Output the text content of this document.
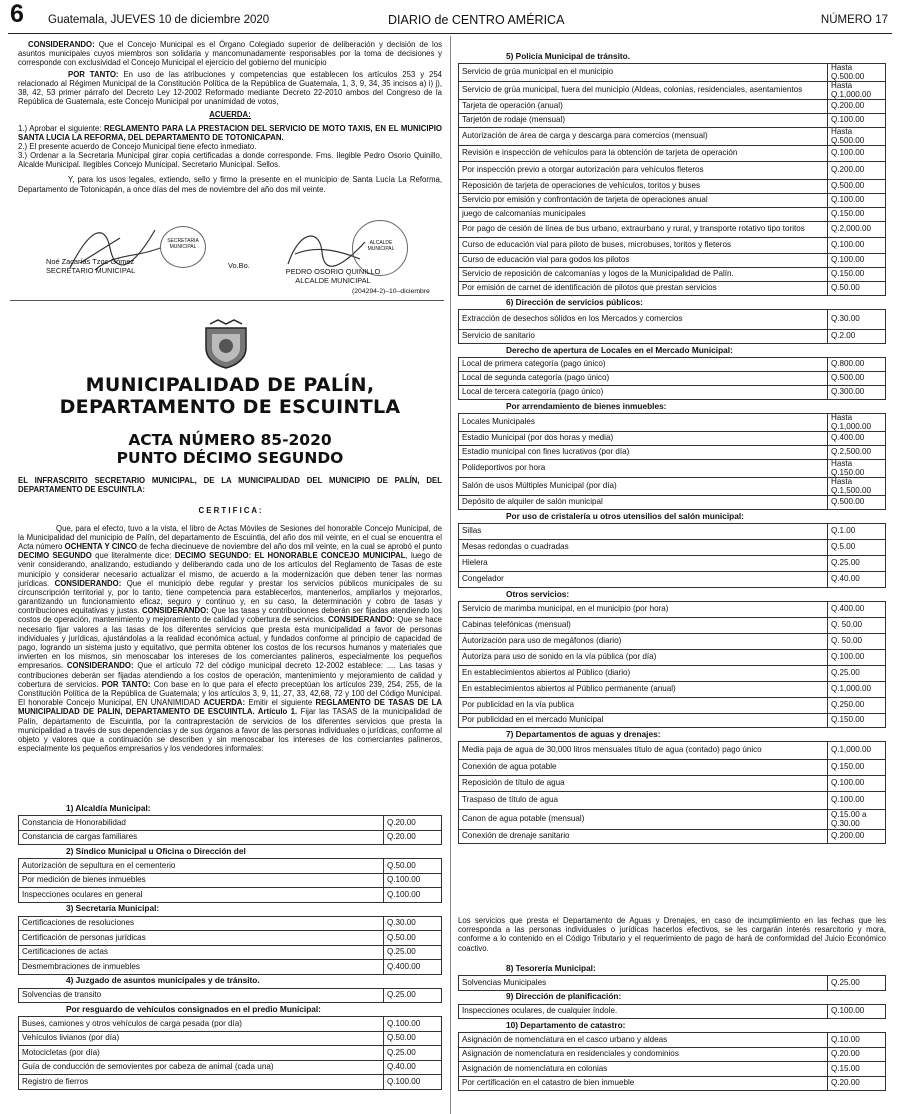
6 Guatemala, JUEVES 10 de diciembre 2020	DIARIO de CENTRO AMÉRICA	NÚMERO 17

CONSIDERANDO: Que el Concejo Municipal es el Órgano Colegiado superior de deliberación y decisión de los asuntos municipales cuyos miembros son solidaria y mancomunadamente responsables por la toma de decisiones y corresponde con exclusividad el Concejo Municipal el ejercicio del gobierno del municipio

POR TANTO: En uso de las atribuciones y competencias que establecen los artículos 253 y 254 relacionado al Régimen Municipal de la Constitución Política de la República de Guatemala, 1, 3, 9, 34, 35 incisos a) i) j), 38, 42, 53 primer párrafo del Decreto Ley 12-2002 Reformado mediante Decreto 22-2010 ambos del Congreso de la República de Guatemala, este Concejo Municipal por unanimidad de votos,

ACUERDA:

1.) Aprobar el siguiente: REGLAMENTO PARA LA PRESTACION DEL SERVICIO DE MOTO TAXIS, EN EL MUNICIPIO SANTA LUCIA LA REFORMA, DEL DEPARTAMENTO DE TOTONICAPAN.

2.) El presente acuerdo de Concejo Municipal tiene efecto inmediato.

3.) Ordenar a la Secretaria Municipal girar copia certificadas a donde corresponde. Fms. Ilegible Pedro Osorio Quinillo, Alcalde Municipal. Ilegibles Concejo Municipal. Secretario Municipal. Sellos.

Y, para los usos legales, extiendo, sello y firmo la presente en el municipio de Santa Lucía La Reforma, Departamento de Totonicapán, a once días del mes de noviembre del año dos mil veinte.

SECRETARIA MUNICIPAL
Noé Zacarías Tzoc Gómez
SECRETARIO MUNICIPAL
Vo.Bo.
ALCALDE MUNICIPAL
PEDRO OSORIO QUINILLO
ALCALDE MUNICIPAL
(204294-2)–10–diciembre
MUNICIPALIDAD DE PALÍN,
DEPARTAMENTO DE ESCUINTLA
ACTA NÚMERO 85-2020
PUNTO DÉCIMO SEGUNDO

EL INFRASCRITO SECRETARIO MUNICIPAL, DE LA MUNICIPALIDAD DEL MUNICIPIO DE PALÍN, DEL DEPARTAMENTO DE ESCUINTLA:

C E R T I F I C A :

Que, para el efecto, tuvo a la vista, el libro de Actas Móviles de Sesiones del honorable Concejo Municipal, de la Municipalidad del municipio de Palín, del departamento de Escuintla, del año dos mil veinte, en el cual se encuentra el Acta número OCHENTA Y CINCO de fecha diecinueve de noviembre del año dos mil veinte, en la cual se aprobó el punto DECIMO SEGUNDO que literalmente dice: DECIMO SEGUNDO: EL HONORABLE CONCEJO MUNICIPAL, luego de venir considerando, analizando, estudiando y deliberando cada uno de los artículos del Reglamento de Tasas de este municipio y considerar necesario actualizar el mismo, de acuerdo a la modernización que deben tener las normas jurídicas. CONSIDERANDO: Que el municipio debe regular y prestar los servicios públicos municipales de su circunscripción territorial y, por lo tanto, tiene competencia para establecerlos, mantenerlos, ampliarlos y mejorarlos, garantizando un funcionamiento eficaz, seguro y continuo y, en su caso, la determinación y cobro de tasas y contribuciones equitativas y justas. CONSIDERANDO: Que las tasas y contribuciones deberán ser fijadas atendiendo los costos de operación, mantenimiento y mejoramiento de calidad y cobertura de servicios. CONSIDERANDO: Que se hace necesario fijar valores a las tasas de los diferentes servicios que presta esta municipalidad a favor de personas individuales y jurídicas, ajustándolas a la realidad económica actual, y fundados conforme al principio de capacidad de pago, logrando un sistema justo y equitativo, que permita obtener los costos de los recursos humanos y materiales que invierten en los mismos, sin menoscabar los intereses de los comerciantes palineros, especialmente los pequeños empresarios. CONSIDERANDO: Que el artículo 72 del código municipal decreto 12-2002 establece: .... Las tasas y contribuciones deberán ser fijadas atendiendo a los costos de operación, mantenimiento y mejoramiento de calidad y cobertura de servicios. POR TANTO: Con base en lo que para el efecto preceptúan los artículos 239, 254, 255, de la Constitución Política de la República de Guatemala; y los artículos 3, 9, 11, 27, 33, 42,68, 72 y 100 del Código Municipal. El honorable Concejo Municipal, EN UNANIMIDAD ACUERDA: Emitir el siguiente REGLAMENTO DE TASAS DE LA MUNICIPALIDAD DE PALIN, DEPARTAMENTO DE ESCUINTLA. Artículo 1. Fijar las TASAS de la municipalidad de Palín, departamento de Escuintla, por la contraprestación de servicios de los diferentes servicios que presta la municipalidad a través de sus dependencias y de sus órganos a favor de las personas individuales o jurídicas, conforme al objeto y valores que a continuación se describen y sin menoscabar los intereses de los comerciantes palineros, especialmente los pequeños empresarios y los vendedores informales:

1) Alcaldía Municipal:
Constancia de Honorabilidad	Q.20.00
Constancia de cargas familiares	Q.20.00
2) Síndico Municipal u Oficina o Dirección del
Autorización de sepultura en el cementerio	Q.50.00
Por medición de bienes inmuebles	Q.100.00
Inspecciones oculares en general	Q.100.00
3) Secretaría Municipal:
Certificaciones de resoluciones	Q.30.00
Certificación de personas jurídicas	Q.50.00
Certificaciones de actas	Q.25.00
Desmembraciones de inmuebles	Q.400.00
4) Juzgado de asuntos municipales y de tránsito.
Solvencias de transito	Q.25.00
Por resguardo de vehículos consignados en el predio Municipal:
Buses, camiones y otros vehículos de carga pesada (por día)	Q.100.00
Vehículos livianos (por día)	Q.50.00
Motocicletas (por día)	Q.25.00
Guía de conducción de semovientes por cabeza de animal (cada una)	Q.40.00
Registro de fierros	Q.100.00
5) Policía Municipal de tránsito.
Servicio de grúa municipal en el municipio	Hasta Q.500.00
Servicio de grúa municipal, fuera del municipio (Aldeas, colonias, residenciales, asentamientos	Hasta Q.1,000.00
Tarjeta de operación (anual)	Q.200.00
Tarjetón de rodaje (mensual)	Q.100.00
Autorización de área de carga y descarga para comercios (mensual)	Hasta Q.500.00
Revisión e inspección de vehículos para la obtención de tarjeta de operación	Q.100.00
Por inspección previo a otorgar autorización para vehículos fleteros	Q.200.00
Reposición de tarjeta de operaciones de vehículos, toritos y buses	Q.500.00
Servicio por emisión y confrontación de tarjeta de operaciones anual	Q.100.00
juego de calcomanías municipales	Q.150.00
Por pago de cesión de línea de bus urbano, extraurbano y rural, y transporte rotativo tipo toritos	Q.2,000.00
Curso de educación vial para piloto de buses, microbuses, toritos y fleteros	Q.100.00
Curso de educación vial para godos los pilotos	Q.100.00
Servicio de reposición de calcomanías y logos de la Municipalidad de Palín.	Q.150.00
Por emisión de carnet de identificación de pilotos que prestan servicios	Q.50.00
6) Dirección de servicios públicos:
Extracción de desechos sólidos en los Mercados y comercios	Q.30.00
Servicio de sanitario	Q.2.00
Derecho de apertura de Locales en el Mercado Municipal:
Local de primera categoría (pago único)	Q.800.00
Local de segunda categoría (pago único)	Q.500.00
Local de tercera categoría (pago único)	Q.300.00
Por arrendamiento de bienes inmuebles:
Locales Municipales	Hasta Q.1,000.00
Estadio Municipal (por dos horas y media)	Q.400.00
Estadio municipal con fines lucrativos (por día)	Q.2,500.00
Polideportivos por hora	Hasta Q.150.00
Salón de usos Múltiples Municipal (por día)	Hasta Q.1,500.00
Depósito de alquiler de salón municipal	Q.500.00
Por uso de cristalería u otros utensilios del salón municipal:
Sillas	Q.1.00
Mesas redondas o cuadradas	Q.5.00
Hielera	Q.25.00
Congelador	Q.40.00
Otros servicios:
Servicio de marimba municipal, en el municipio (por hora)	Q.400.00
Cabinas telefónicas (mensual)	Q. 50.00
Autorización para uso de megáfonos (diario)	Q. 50.00
Autoriza para uso de sonido en la vía pública (por día)	Q.100.00
En establecimientos abiertos al Público (diario)	Q.25.00
En establecimientos abiertos al Público permanente (anual)	Q.1,000.00
Por publicidad en la vía publica	Q.250.00
Por publicidad en el mercado Municipal	Q.150.00
7) Departamentos de aguas y drenajes:
Media paja de agua de 30,000 litros mensuales título de agua (contado) pago único	Q.1,000.00
Conexión de agua potable	Q.150.00
Reposición de título de agua	Q.100.00
Traspaso de título de agua	Q.100.00
Canon de agua potable (mensual)	Q.15.00 a Q.30.00
Conexión de drenaje sanitario	Q.200.00

Los servicios que presta el Departamento de Aguas y Drenajes, en caso de incumplimiento en las fechas que les corresponda a las personas individuales o jurídicas hacerlos efectivos, se les cargarán interés resarcitorio y mora, conforme a lo contenido en el Código Tributario y el requerimiento de pago de hará de conformidad del Juicio Económico coactivo.

8) Tesorería Municipal:
Solvencias Municipales	Q.25.00
9) Dirección de planificación:
Inspecciones oculares, de cualquier índole.	Q.100.00
10) Departamento de catastro:
Asignación de nomenclatura en el casco urbano y aldeas	Q.10.00
Asignación de nomenclatura en residenciales y condominios	Q.20.00
Asignación de nomenclatura en colonias	Q.15.00
Por certificación en el catastro de bien inmueble	Q.20.00
